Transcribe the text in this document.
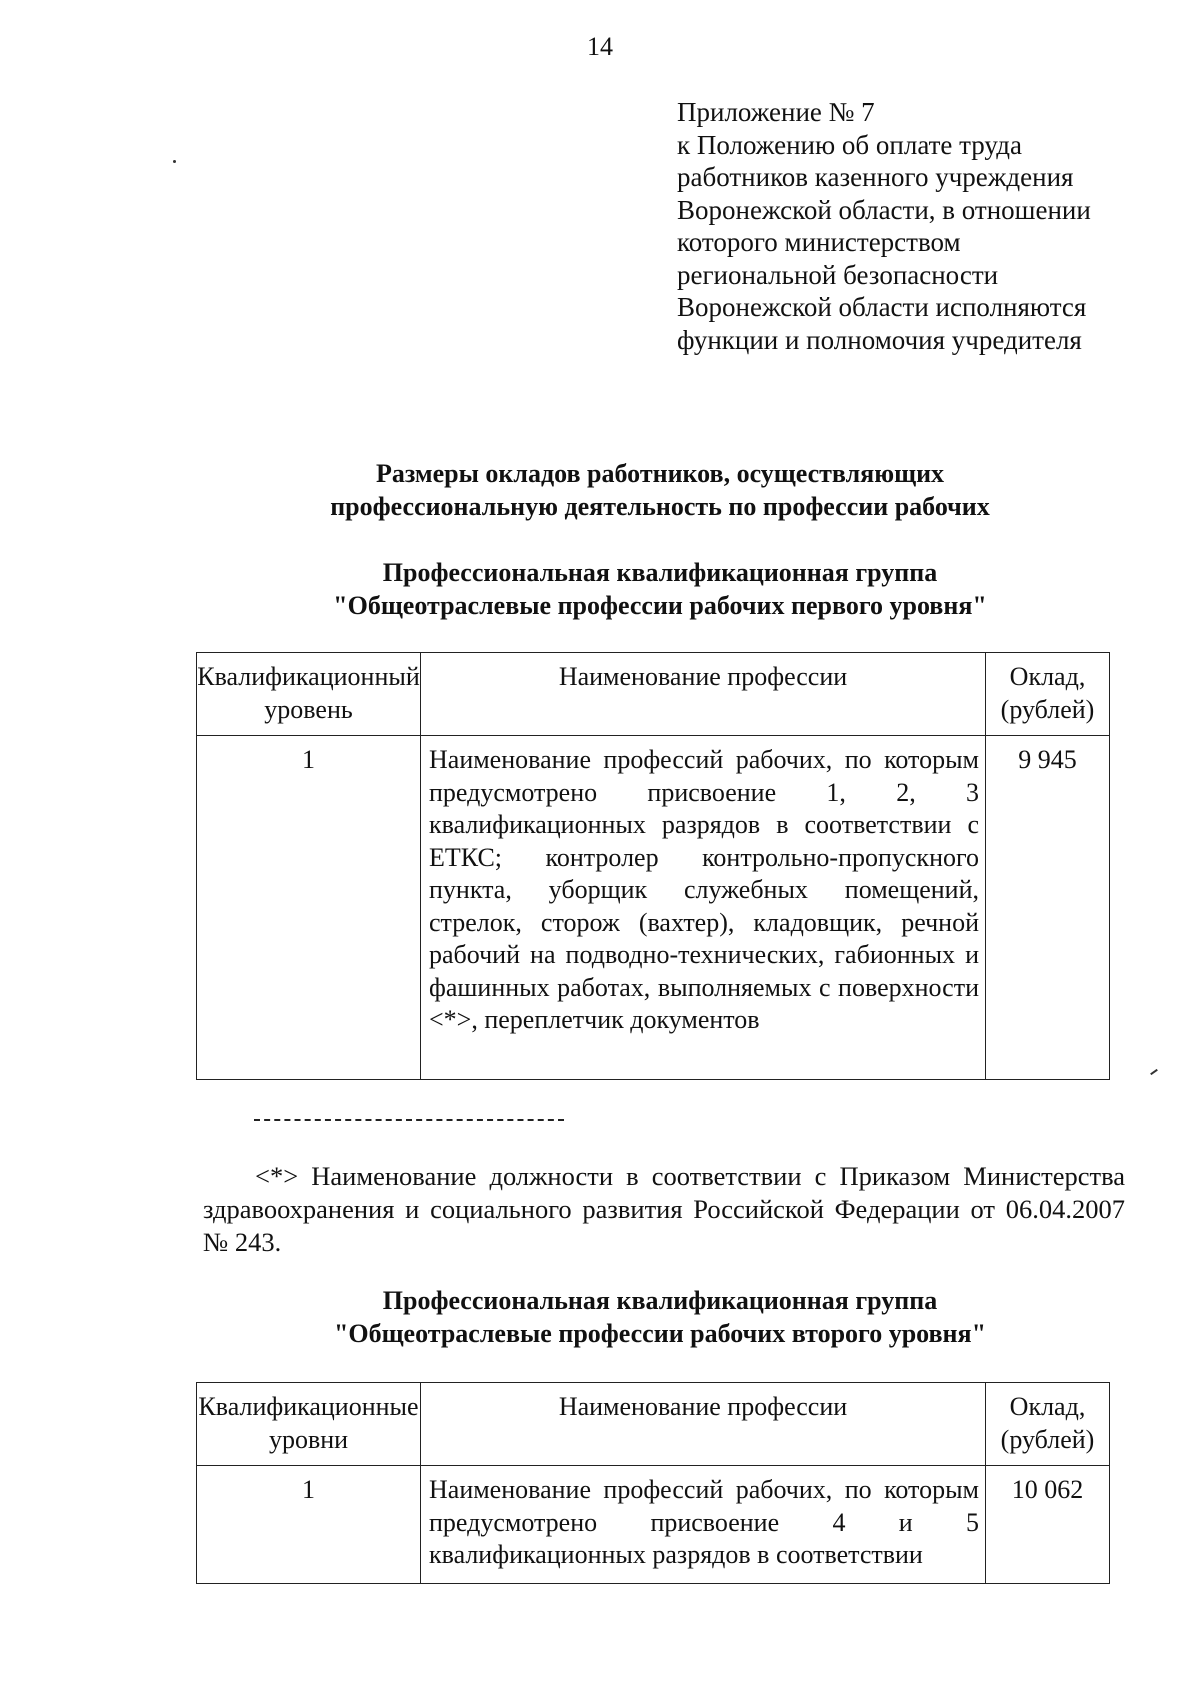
14
Приложение № 7
к Положению об оплате труда
работников казенного учреждения
Воронежской области, в отношении
которого министерством
региональной безопасности
Воронежской области исполняются
функции и полномочия учредителя
Размеры окладов работников, осуществляющих
профессиональную деятельность по профессии рабочих
Профессиональная квалификационная группа
"Общеотраслевые профессии рабочих первого уровня"
Квалификационный уровень	Наименование профессии	Оклад, (рублей)
1	Наименование профессий рабочих, по которым предусмотрено присвоение 1, 2, 3 квалификационных разрядов в соответствии с ЕТКС; контролер контрольно-пропускного пункта, уборщик служебных помещений, стрелок, сторож (вахтер), кладовщик, речной рабочий на подводно-технических, габионных и фашинных работах, выполняемых с поверхности <*>, переплетчик документов	9 945
<*> Наименование должности в соответствии с Приказом Министерства здравоохранения и социального развития Российской Федерации от 06.04.2007 № 243.
Профессиональная квалификационная группа
"Общеотраслевые профессии рабочих второго уровня"
Квалификационные уровни	Наименование профессии	Оклад, (рублей)
1	Наименование профессий рабочих, по которым предусмотрено присвоение 4 и 5 квалификационных разрядов в соответствии	10 062
